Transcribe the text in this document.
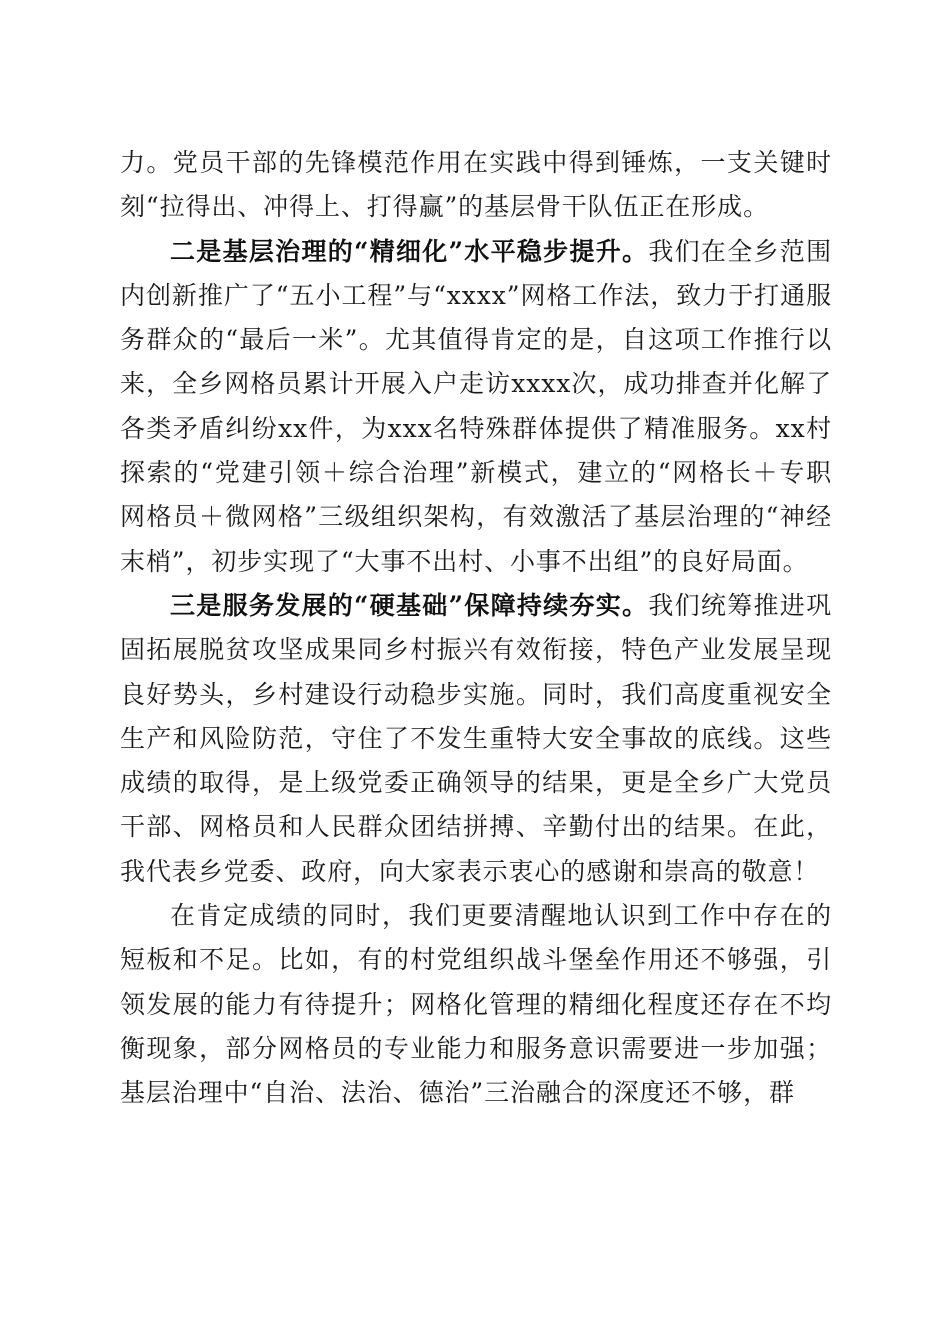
力。党员干部的先锋模范作用在实践中得到锤炼，一支关键时刻“拉得出、冲得上、打得赢”的基层骨干队伍正在形成。

二是基层治理的“精细化”水平稳步提升。我们在全乡范围内创新推广了“五小工程”与“xxxx”网格工作法，致力于打通服务群众的“最后一米”。尤其值得肯定的是，自这项工作推行以来，全乡网格员累计开展入户走访xxxx次，成功排查并化解了各类矛盾纠纷xx件，为xxx名特殊群体提供了精准服务。xx村探索的“党建引领＋综合治理”新模式，建立的“网格长＋专职网格员＋微网格”三级组织架构，有效激活了基层治理的“神经末梢”，初步实现了“大事不出村、小事不出组”的良好局面。

三是服务发展的“硬基础”保障持续夯实。我们统筹推进巩固拓展脱贫攻坚成果同乡村振兴有效衔接，特色产业发展呈现良好势头，乡村建设行动稳步实施。同时，我们高度重视安全生产和风险防范，守住了不发生重特大安全事故的底线。这些成绩的取得，是上级党委正确领导的结果，更是全乡广大党员干部、网格员和人民群众团结拼搏、辛勤付出的结果。在此，我代表乡党委、政府，向大家表示衷心的感谢和崇高的敬意！

在肯定成绩的同时，我们更要清醒地认识到工作中存在的短板和不足。比如，有的村党组织战斗堡垒作用还不够强，引领发展的能力有待提升；网格化管理的精细化程度还存在不均衡现象，部分网格员的专业能力和服务意识需要进一步加强；基层治理中“自治、法治、德治”三治融合的深度还不够，群
